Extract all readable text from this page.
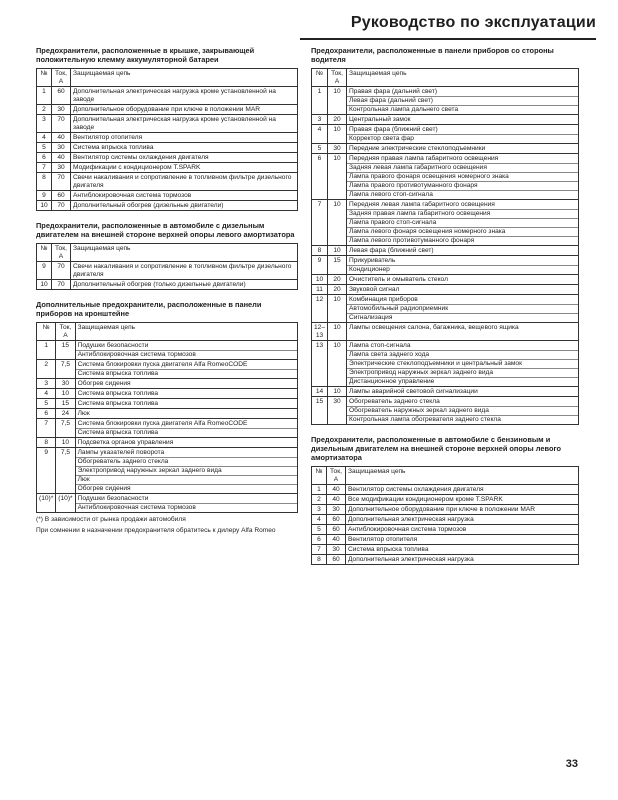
Руководство по эксплуатации
Предохранители, расположенные в крышке, закрывающей положительную клемму аккумуляторной батареи
№	Ток, А	Защищаемая цепь
1	60	Дополнительная электрическая нагрузка кроме установленной на заводе

2	30	Дополнительное оборудование при ключе в положении MAR

3	70	Дополнительная электрическая нагрузка кроме установленной на заводе

4	40	Вентилятор отопителя

5	30	Система впрыска топлива

6	40	Вентилятор системы охлаждения двигателя

7	30	Модификации с кондиционером T.SPARK

8	70	Свечи накаливания и сопротивление в топливном фильтре дизельного двигателя

9	60	Антиблокировочная система тормозов

10	70	Дополнительный обогрев (дизельные двигатели)
Предохранители, расположенные в автомобиле с дизельным двигателем на внешней стороне верхней опоры левого амортизатора
№	Ток, А	Защищаемая цепь
9	70	Свечи накаливания и сопротивление в топливном фильтре дизельного двигателя

10	70	Дополнительный обогрев (только дизельные двигатели)
Дополнительные предохранители, расположенные в панели приборов на кронштейне
№	Ток, А	Защищаемая цепь
1	15	Подушки безопасности
Антиблокировочная система тормозов

2	7,5	Система блокировки пуска двигателя Alfa RomeoCODE
Система впрыска топлива

3	30	Обогрев сидения

4	10	Система впрыска топлива

5	15	Система впрыска топлива

6	24	Люк

7	7,5	Система блокировки пуска двигателя Alfa RomeoCODE
Система впрыска топлива

8	10	Подсветка органов управления

9	7,5	Лампы указателей поворота
Обогреватель заднего стекла
Электропривод наружных зеркал заднего вида
Люк
Обогрев сидения

(10)*	(10)*	Подушки безопасности
Антиблокировочная система тормозов
(*) В зависимости от рынка продажи автомобиля
При сомнении в назначении предохранителя обратитесь к дилеру Alfa Romeo
Предохранители, расположенные в панели приборов со стороны водителя
№	Ток, А	Защищаемая цепь
1	10	Правая фара (дальний свет)
Левая фара (дальний свет)
Контрольная лампа дальнего света

3	20	Центральный замок

4	10	Правая фара (ближний свет)
Корректор света фар

5	30	Передние электрические стеклоподъемники

6	10	Передняя правая лампа габаритного освещения
Задняя левая лампа габаритного освещения
Лампа правого фонаря освещения номерного знака
Лампа правого противотуманного фонаря
Лампа левого стоп-сигнала

7	10	Передняя левая лампа габаритного освещения
Задняя правая лампа габаритного освещения
Лампа правого стоп-сигнала
Лампа левого фонаря освещения номерного знака
Лампа левого противотуманного фонаря

8	10	Левая фара (ближний свет)

9	15	Прикуриватель
Кондиционер

10	20	Очиститель и омыватель стекол

11	20	Звуковой сигнал

12	10	Комбинация приборов
Автомобильный радиоприемник
Сигнализация

12–13	10	Лампы освещения салона, багажника, вещевого ящика

13	10	Лампа стоп-сигнала
Лампа света заднего хода
Электрические стеклоподъемники и центральный замок
Электропривод наружных зеркал заднего вида
Дистанционное управление

14	10	Лампы аварийной световой сигнализации

15	30	Обогреватель заднего стекла
Обогреватель наружных зеркал заднего вида
Контрольная лампа обогревателя заднего стекла
Предохранители, расположенные в автомобиле с бензиновым и дизельным двигателем на внешней стороне верхней опоры левого амортизатора
№	Ток, А	Защищаемая цепь
1	40	Вентилятор системы охлаждения двигателя

2	40	Все модификации кондиционером кроме T.SPARK

3	30	Дополнительное оборудование при ключе в положении MAR

4	60	Дополнительная электрическая нагрузка

5	60	Антиблокировочная система тормозов

6	40	Вентилятор отопителя

7	30	Система впрыска топлива

8	60	Дополнительная электрическая нагрузка
33
